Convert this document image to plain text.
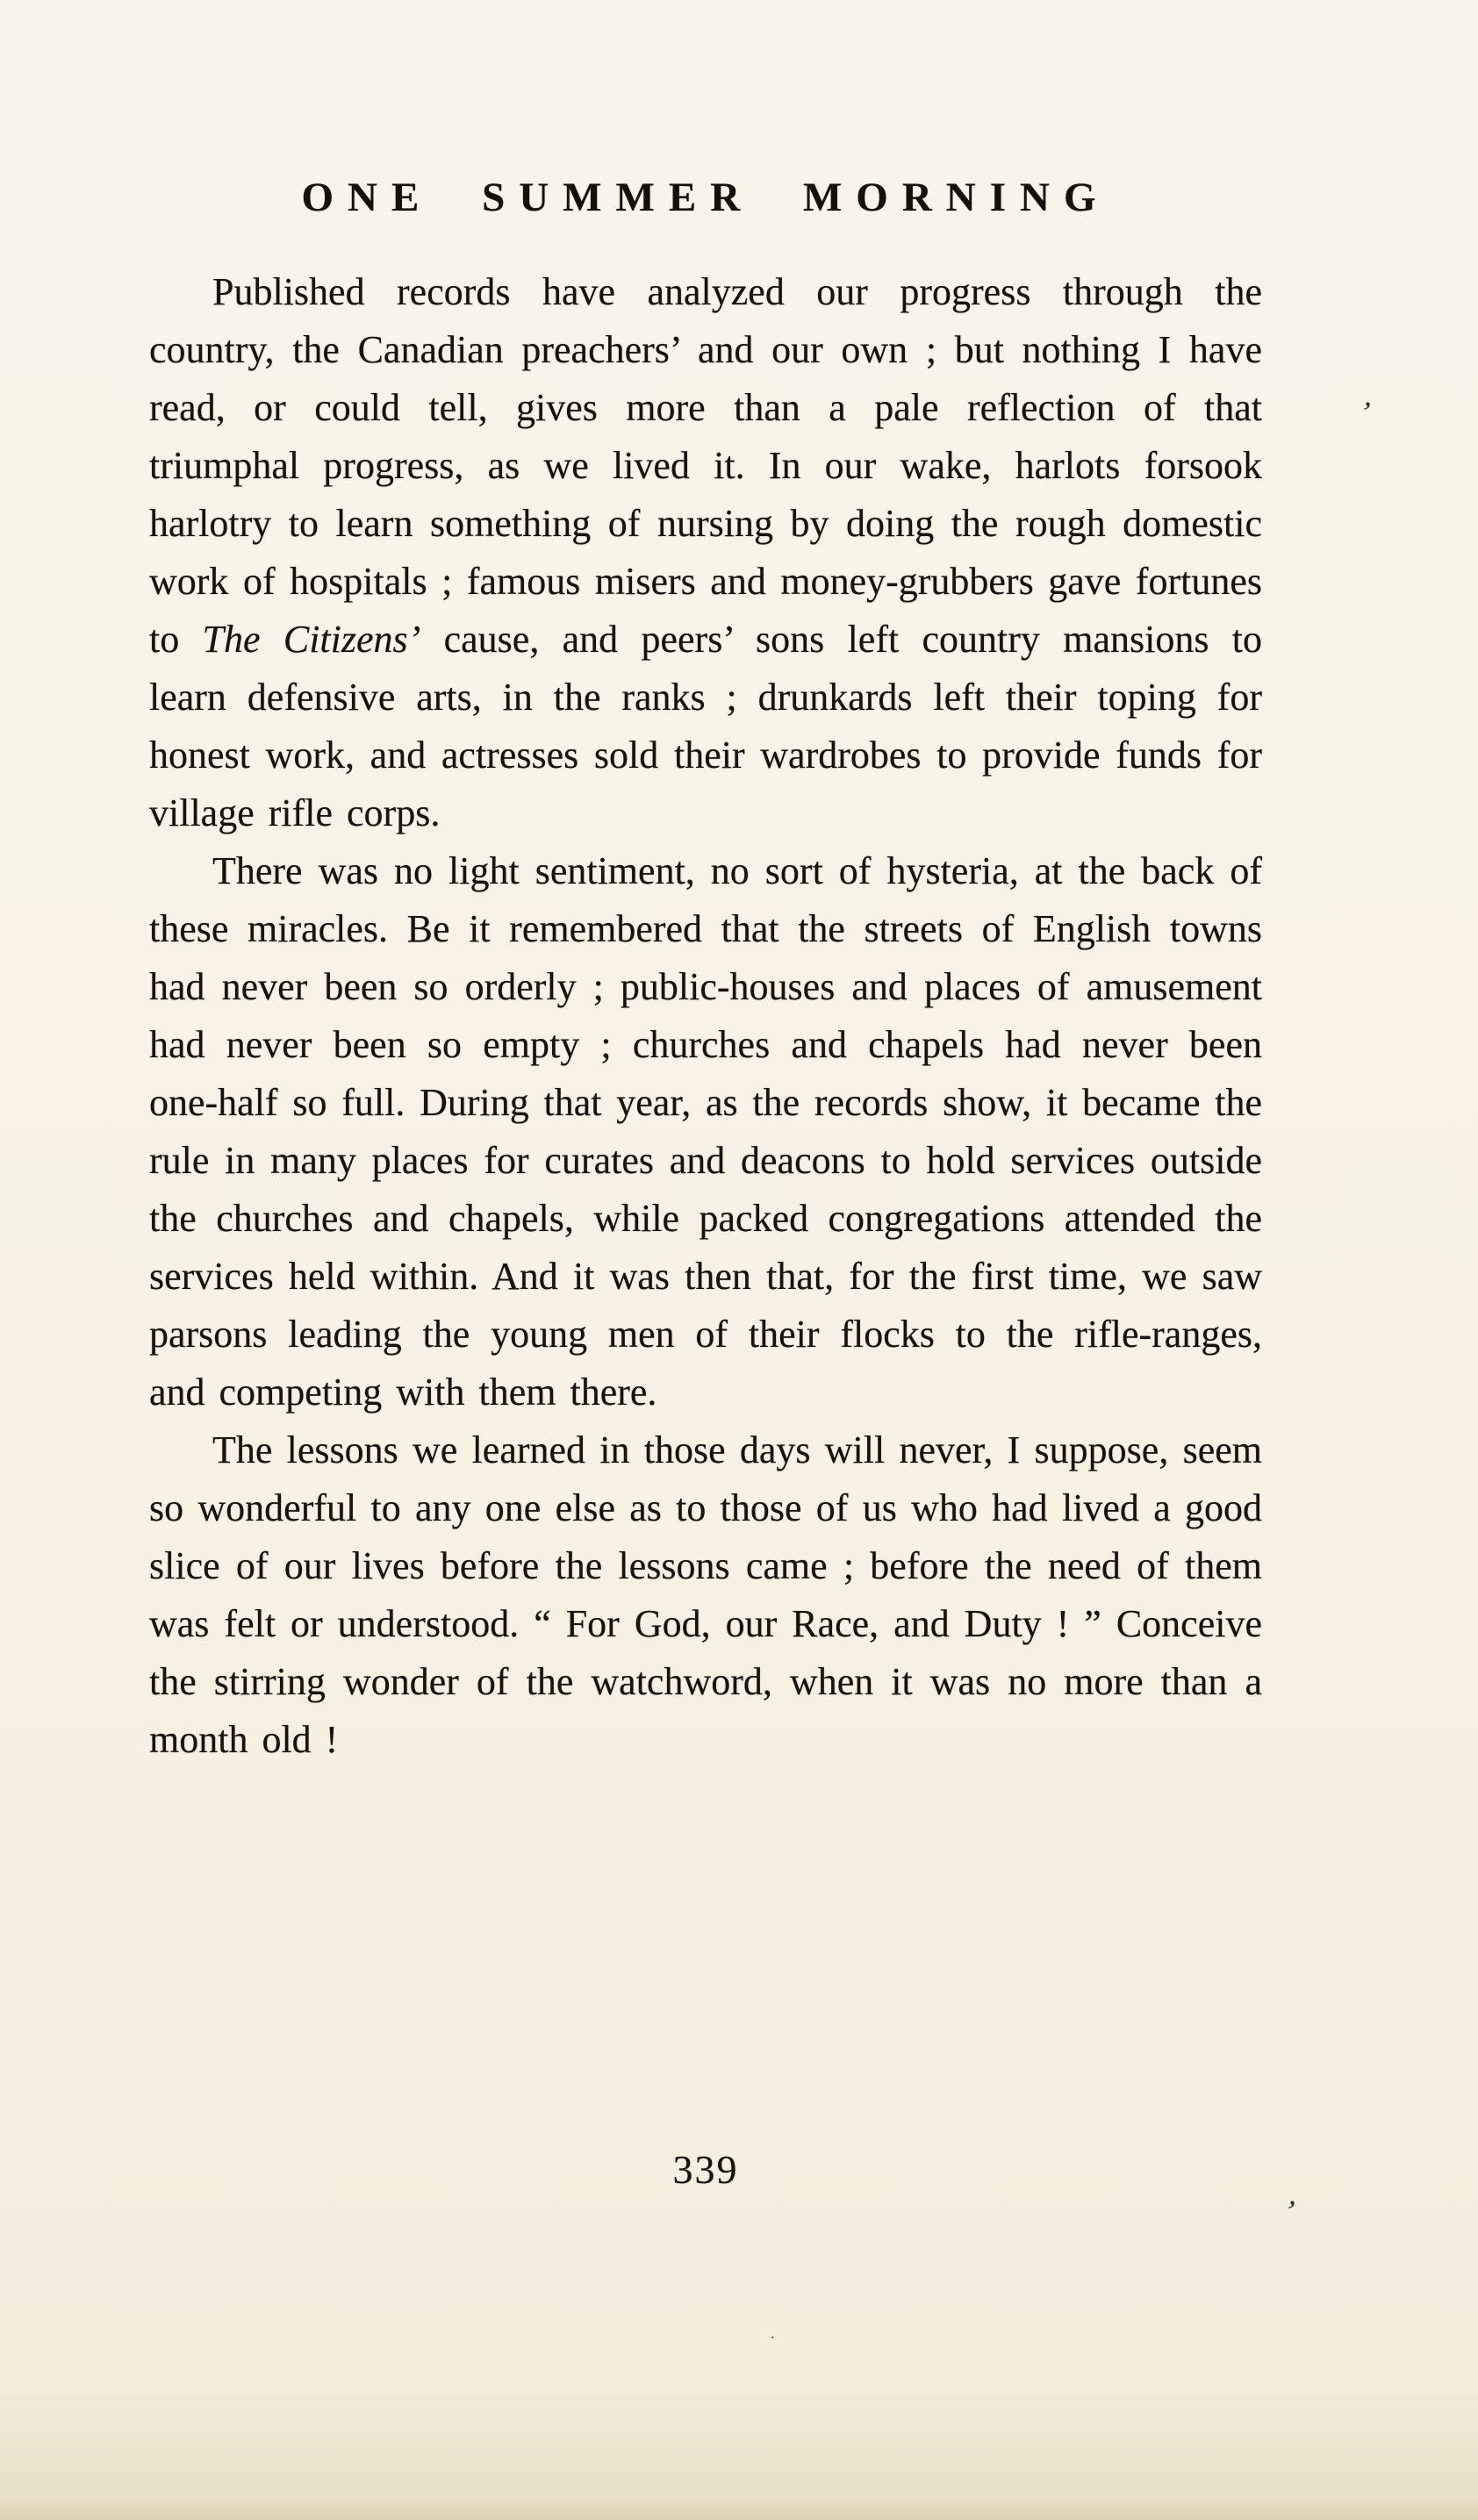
ONE SUMMER MORNING

Published records have analyzed our progress through the country, the Canadian preachers’ and our own ; but nothing I have read, or could tell, gives more than a pale reflection of that triumphal progress, as we lived it. In our wake, harlots forsook harlotry to learn something of nursing by doing the rough domestic work of hospitals ; famous misers and money-grubbers gave fortunes to The Citizens’ cause, and peers’ sons left country mansions to learn defensive arts, in the ranks ; drunkards left their toping for honest work, and actresses sold their wardrobes to provide funds for village rifle corps.

There was no light sentiment, no sort of hysteria, at the back of these miracles. Be it remembered that the streets of English towns had never been so orderly ; public-houses and places of amusement had never been so empty ; churches and chapels had never been one-half so full. During that year, as the records show, it became the rule in many places for curates and deacons to hold services outside the churches and chapels, while packed congregations attended the services held within. And it was then that, for the first time, we saw parsons leading the young men of their flocks to the rifle-ranges, and competing with them there.

The lessons we learned in those days will never, I suppose, seem so wonderful to any one else as to those of us who had lived a good slice of our lives before the lessons came ; before the need of them was felt or understood. “ For God, our Race, and Duty ! ” Conceive the stirring wonder of the watchword, when it was no more than a month old !

339
’
’
.
